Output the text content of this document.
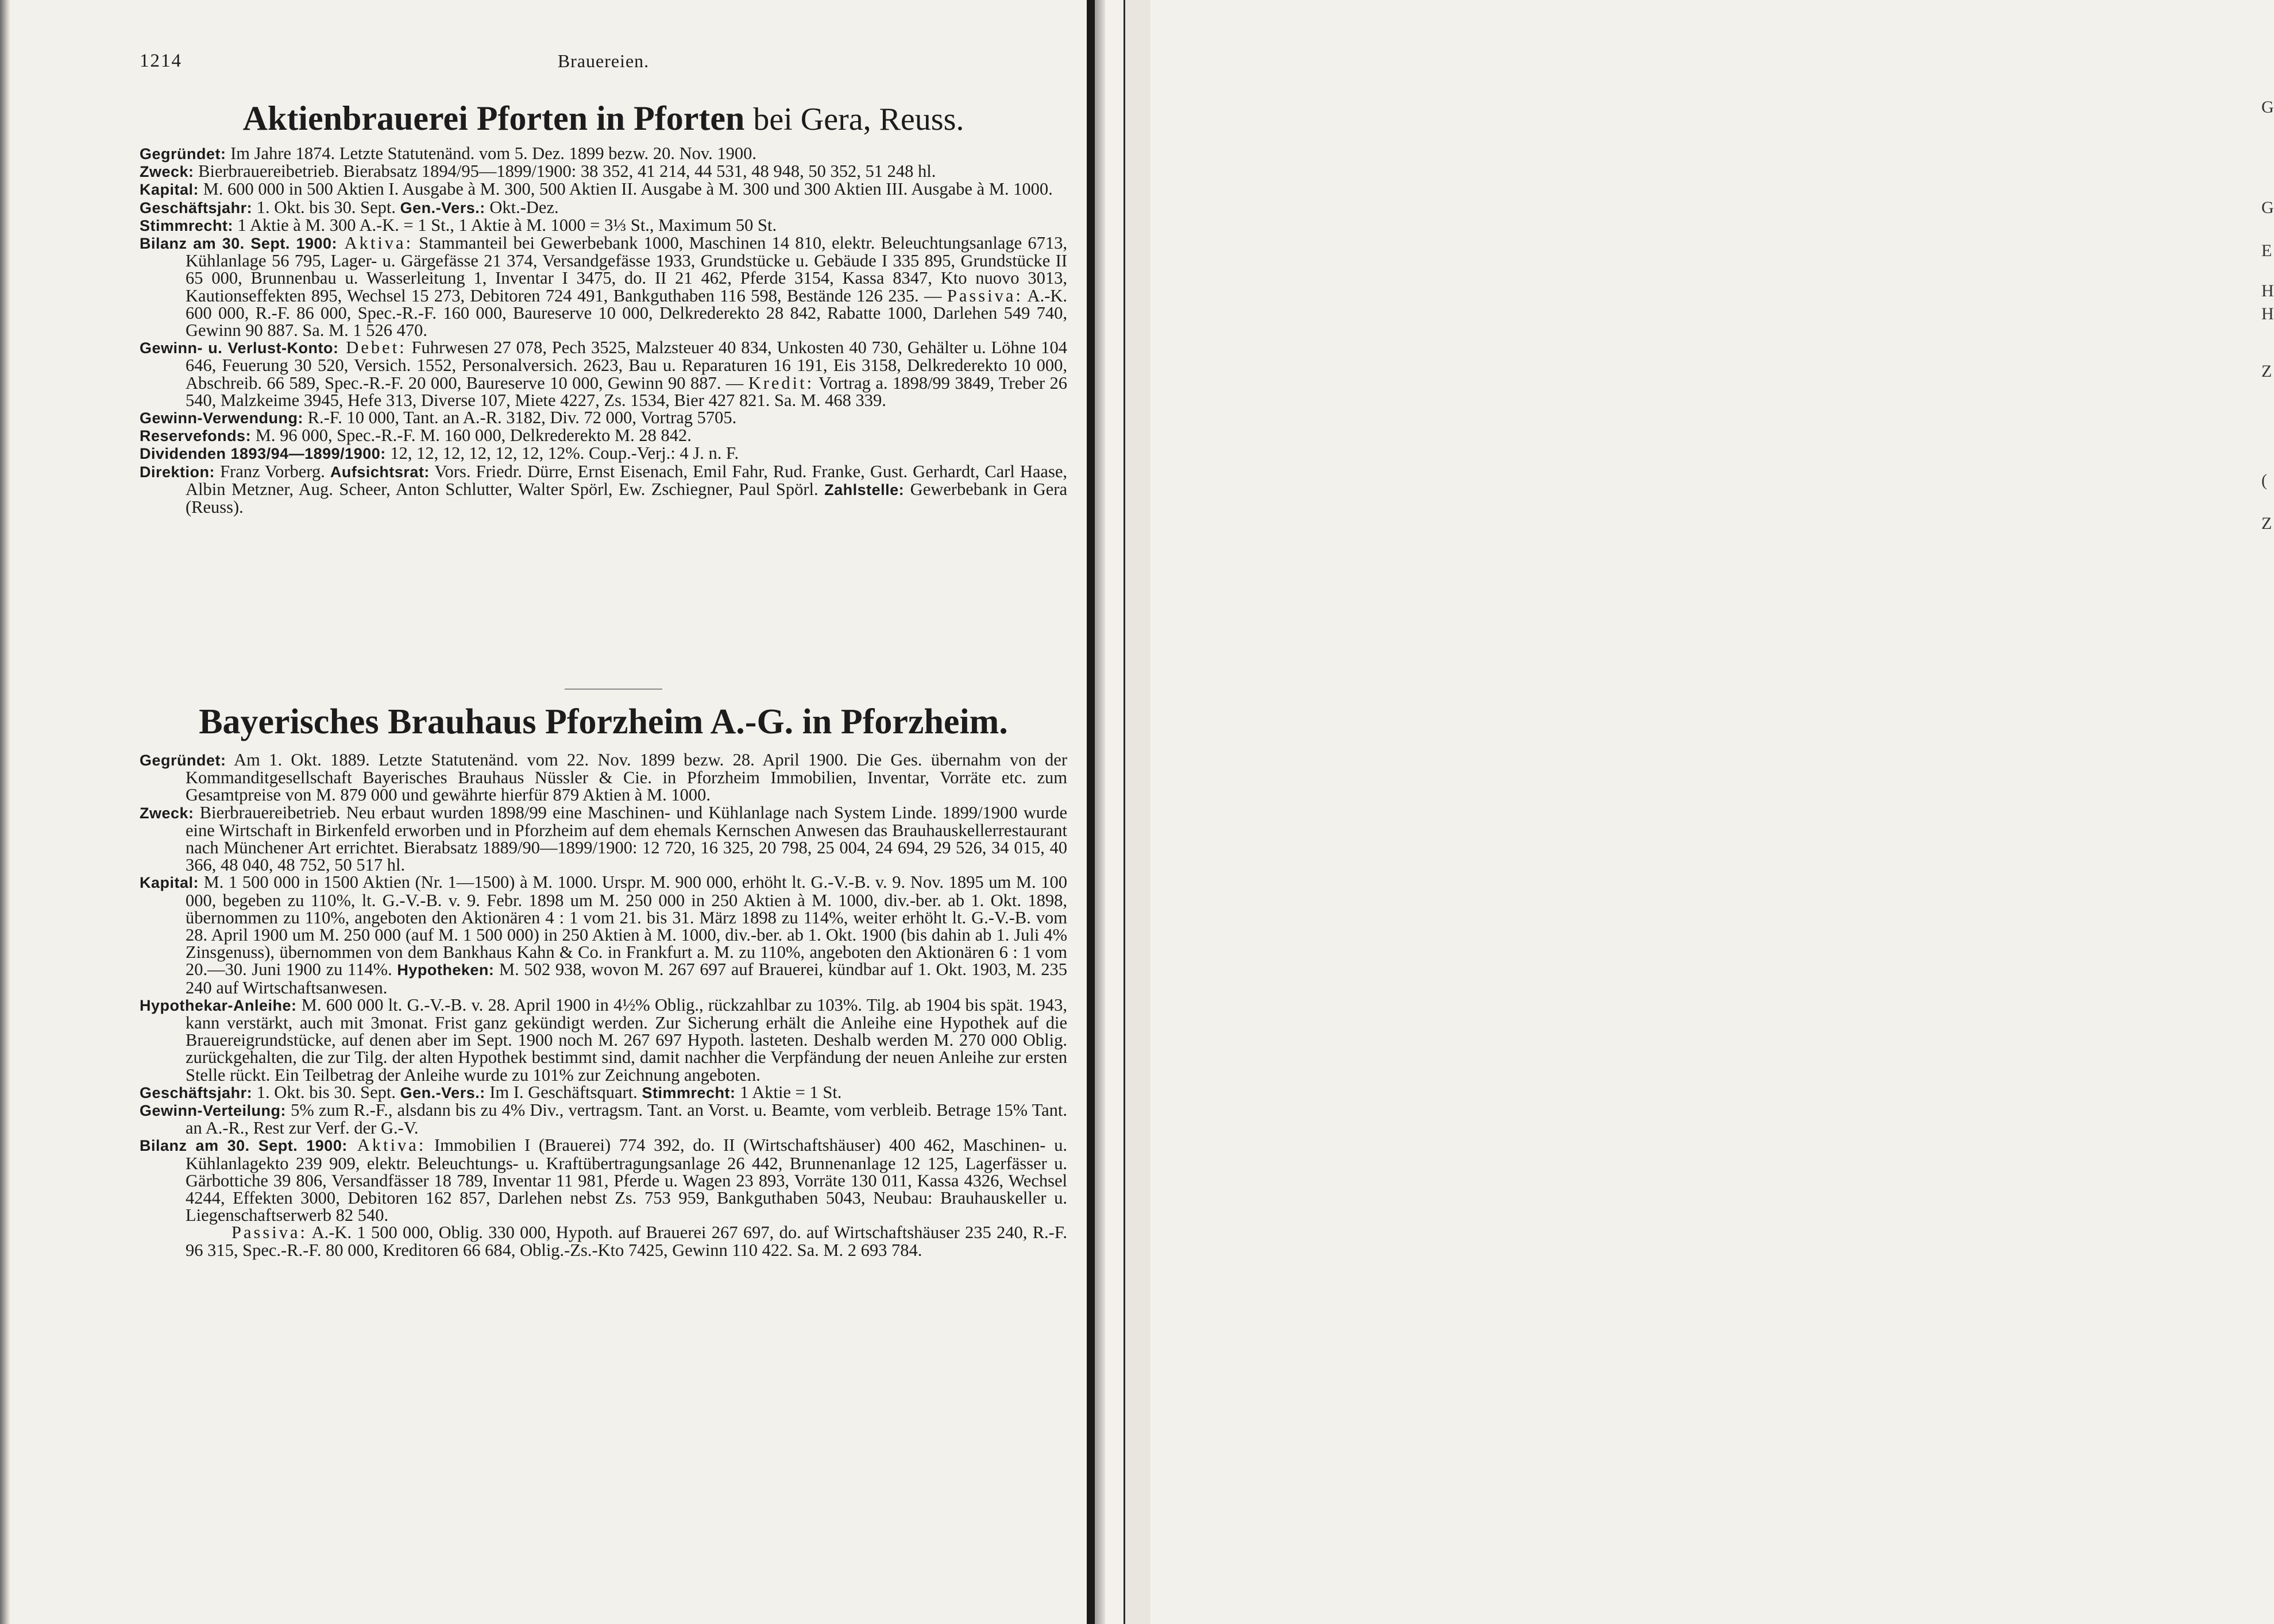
G
G
E
H
H
Z
(
Z
Brauereien.
1214
Aktienbrauerei Pforten in Pforten bei Gera, Reuss.

Gegründet: Im Jahre 1874. Letzte Statutenänd. vom 5. Dez. 1899 bezw. 20. Nov. 1900.

Zweck: Bierbrauereibetrieb. Bierabsatz 1894/95—1899/1900: 38 352, 41 214, 44 531, 48 948, 50 352, 51 248 hl.

Kapital: M. 600 000 in 500 Aktien I. Ausgabe à M. 300, 500 Aktien II. Ausgabe à M. 300 und 300 Aktien III. Ausgabe à M. 1000.

Geschäftsjahr: 1. Okt. bis 30. Sept. Gen.-Vers.: Okt.-Dez.

Stimmrecht: 1 Aktie à M. 300 A.-K. = 1 St., 1 Aktie à M. 1000 = 3⅓ St., Maximum 50 St.

Bilanz am 30. Sept. 1900: Aktiva: Stammanteil bei Gewerbebank 1000, Maschinen 14 810, elektr. Beleuchtungsanlage 6713, Kühlanlage 56 795, Lager- u. Gärgefässe 21 374, Versandgefässe 1933, Grundstücke u. Gebäude I 335 895, Grundstücke II 65 000, Brunnenbau u. Wasserleitung 1, Inventar I 3475, do. II 21 462, Pferde 3154, Kassa 8347, Kto nuovo 3013, Kautionseffekten 895, Wechsel 15 273, Debitoren 724 491, Bankguthaben 116 598, Bestände 126 235. — Passiva: A.-K. 600 000, R.-F. 86 000, Spec.-R.-F. 160 000, Baureserve 10 000, Delkrederekto 28 842, Rabatte 1000, Darlehen 549 740, Gewinn 90 887. Sa. M. 1 526 470.

Gewinn- u. Verlust-Konto: Debet: Fuhrwesen 27 078, Pech 3525, Malzsteuer 40 834, Unkosten 40 730, Gehälter u. Löhne 104 646, Feuerung 30 520, Versich. 1552, Personalversich. 2623, Bau u. Reparaturen 16 191, Eis 3158, Delkrederekto 10 000, Abschreib. 66 589, Spec.-R.-F. 20 000, Baureserve 10 000, Gewinn 90 887. — Kredit: Vortrag a. 1898/99 3849, Treber 26 540, Malzkeime 3945, Hefe 313, Diverse 107, Miete 4227, Zs. 1534, Bier 427 821. Sa. M. 468 339.

Gewinn-Verwendung: R.-F. 10 000, Tant. an A.-R. 3182, Div. 72 000, Vortrag 5705.

Reservefonds: M. 96 000, Spec.-R.-F. M. 160 000, Delkrederekto M. 28 842.

Dividenden 1893/94—1899/1900: 12, 12, 12, 12, 12, 12, 12%. Coup.-Verj.: 4 J. n. F.

Direktion: Franz Vorberg. Aufsichtsrat: Vors. Friedr. Dürre, Ernst Eisenach, Emil Fahr, Rud. Franke, Gust. Gerhardt, Carl Haase, Albin Metzner, Aug. Scheer, Anton Schlutter, Walter Spörl, Ew. Zschiegner, Paul Spörl. Zahlstelle: Gewerbebank in Gera (Reuss).

Bayerisches Brauhaus Pforzheim A.-G. in Pforzheim.

Gegründet: Am 1. Okt. 1889. Letzte Statutenänd. vom 22. Nov. 1899 bezw. 28. April 1900. Die Ges. übernahm von der Kommanditgesellschaft Bayerisches Brauhaus Nüssler & Cie. in Pforzheim Immobilien, Inventar, Vorräte etc. zum Gesamtpreise von M. 879 000 und gewährte hierfür 879 Aktien à M. 1000.

Zweck: Bierbrauereibetrieb. Neu erbaut wurden 1898/99 eine Maschinen- und Kühlanlage nach System Linde. 1899/1900 wurde eine Wirtschaft in Birkenfeld erworben und in Pforzheim auf dem ehemals Kernschen Anwesen das Brauhauskellerrestaurant nach Münchener Art errichtet. Bierabsatz 1889/90—1899/1900: 12 720, 16 325, 20 798, 25 004, 24 694, 29 526, 34 015, 40 366, 48 040, 48 752, 50 517 hl.

Kapital: M. 1 500 000 in 1500 Aktien (Nr. 1—1500) à M. 1000. Urspr. M. 900 000, erhöht lt. G.-V.-B. v. 9. Nov. 1895 um M. 100 000, begeben zu 110%, lt. G.-V.-B. v. 9. Febr. 1898 um M. 250 000 in 250 Aktien à M. 1000, div.-ber. ab 1. Okt. 1898, übernommen zu 110%, angeboten den Aktionären 4 : 1 vom 21. bis 31. März 1898 zu 114%, weiter erhöht lt. G.-V.-B. vom 28. April 1900 um M. 250 000 (auf M. 1 500 000) in 250 Aktien à M. 1000, div.-ber. ab 1. Okt. 1900 (bis dahin ab 1. Juli 4% Zinsgenuss), übernommen von dem Bankhaus Kahn & Co. in Frankfurt a. M. zu 110%, angeboten den Aktionären 6 : 1 vom 20.—30. Juni 1900 zu 114%. Hypotheken: M. 502 938, wovon M. 267 697 auf Brauerei, kündbar auf 1. Okt. 1903, M. 235 240 auf Wirtschaftsanwesen.

Hypothekar-Anleihe: M. 600 000 lt. G.-V.-B. v. 28. April 1900 in 4½% Oblig., rückzahlbar zu 103%. Tilg. ab 1904 bis spät. 1943, kann verstärkt, auch mit 3monat. Frist ganz gekündigt werden. Zur Sicherung erhält die Anleihe eine Hypothek auf die Brauereigrundstücke, auf denen aber im Sept. 1900 noch M. 267 697 Hypoth. lasteten. Deshalb werden M. 270 000 Oblig. zurückgehalten, die zur Tilg. der alten Hypothek bestimmt sind, damit nachher die Verpfändung der neuen Anleihe zur ersten Stelle rückt. Ein Teilbetrag der Anleihe wurde zu 101% zur Zeichnung angeboten.

Geschäftsjahr: 1. Okt. bis 30. Sept. Gen.-Vers.: Im I. Geschäftsquart. Stimmrecht: 1 Aktie = 1 St.

Gewinn-Verteilung: 5% zum R.-F., alsdann bis zu 4% Div., vertragsm. Tant. an Vorst. u. Beamte, vom verbleib. Betrage 15% Tant. an A.-R., Rest zur Verf. der G.-V.

Bilanz am 30. Sept. 1900: Aktiva: Immobilien I (Brauerei) 774 392, do. II (Wirtschaftshäuser) 400 462, Maschinen- u. Kühlanlagekto 239 909, elektr. Beleuchtungs- u. Kraftübertragungsanlage 26 442, Brunnenanlage 12 125, Lagerfässer u. Gärbottiche 39 806, Versandfässer 18 789, Inventar 11 981, Pferde u. Wagen 23 893, Vorräte 130 011, Kassa 4326, Wechsel 4244, Effekten 3000, Debitoren 162 857, Darlehen nebst Zs. 753 959, Bankguthaben 5043, Neubau: Brauhauskeller u. Liegenschaftserwerb 82 540.

Passiva: A.-K. 1 500 000, Oblig. 330 000, Hypoth. auf Brauerei 267 697, do. auf Wirtschaftshäuser 235 240, R.-F. 96 315, Spec.-R.-F. 80 000, Kreditoren 66 684, Oblig.-Zs.-Kto 7425, Gewinn 110 422. Sa. M. 2 693 784.
